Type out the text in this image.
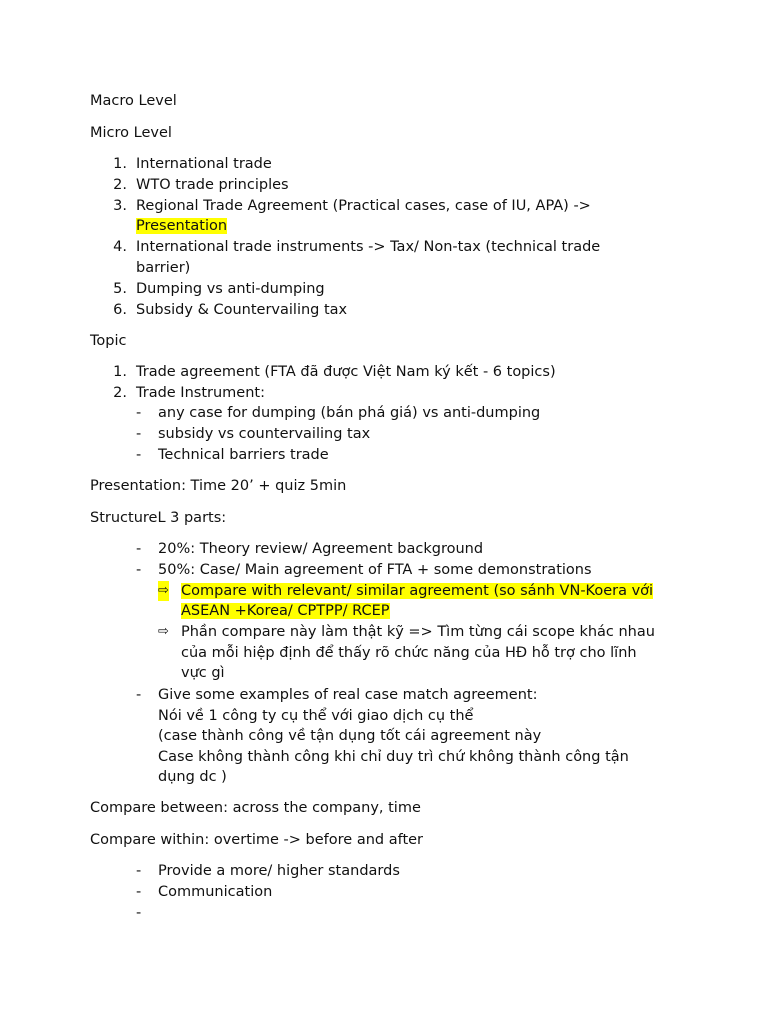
Macro Level
Micro Level
1. International trade
2. WTO trade principles
3. Regional Trade Agreement (Practical cases, case of IU, APA) ->
Presentation
4. International trade instruments -> Tax/ Non-tax (technical trade
barrier)
5. Dumping vs anti-dumping
6. Subsidy & Countervailing tax
Topic
1. Trade agreement (FTA đã được Việt Nam ký kết - 6 topics)
2. Trade Instrument:
- any case for dumping (bán phá giá) vs anti-dumping
- subsidy vs countervailing tax
- Technical barriers trade
Presentation: Time 20’ + quiz 5min
StructureL 3 parts:
- 20%: Theory review/ Agreement background
- 50%: Case/ Main agreement of FTA + some demonstrations
⇨ Compare with relevant/ similar agreement (so sánh VN-Koera với
ASEAN +Korea/ CPTPP/ RCEP
⇨ Phần compare này làm thật kỹ => Tìm từng cái scope khác nhau
của mỗi hiệp định để thấy rõ chức năng của HĐ hỗ trợ cho lĩnh
vực gì
- Give some examples of real case match agreement:
Nói về 1 công ty cụ thể với giao dịch cụ thể
(case thành công về tận dụng tốt cái agreement này
Case không thành công khi chỉ duy trì chứ không thành công tận
dụng dc )
Compare between: across the company, time
Compare within: overtime -> before and after
- Provide a more/ higher standards
- Communication
-
